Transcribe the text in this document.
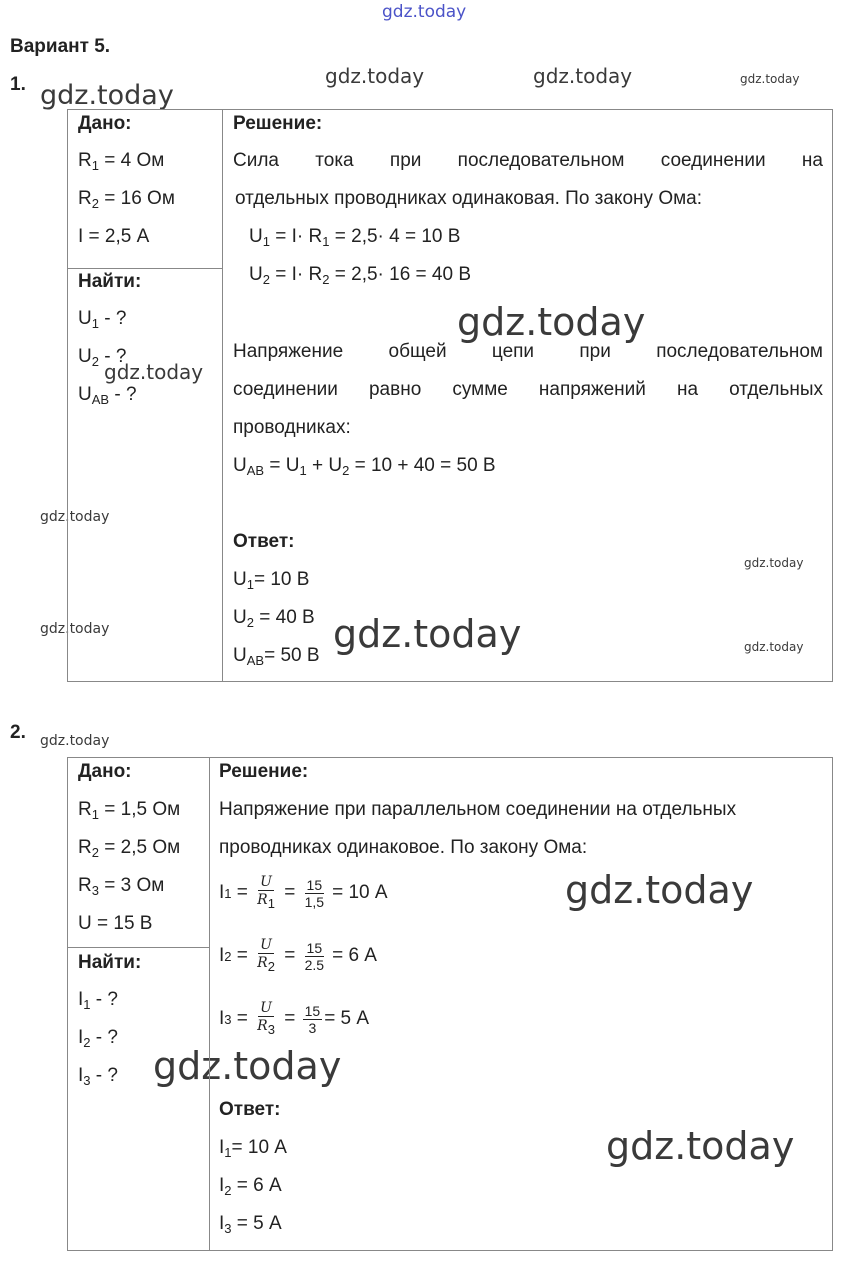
gdz.today
gdz.today	gdz.today	gdz.today
gdz.today
gdz.today
gdz.today
gdz.today
gdz.today
gdz.today
gdz.today
gdz.today
gdz.today
gdz.today
gdz.today
gdz.today
Вариант 5.
1.
Дано:
$R_1 = 4$ Ом
$R_2 = 16$ Ом
I = 2,5 А
Найти:
$U_1$ - ?
$U_2$ - ?
$U_{AB}$ - ?
Решение:
Сила тока при последовательном соединении на
отдельных проводниках одинаковая. По закону Ома:
$U_1 = I\cdot R_1 = 2,5\cdot 4 = 10$ В
$U_2 = I\cdot R_2 = 2,5\cdot 16 = 40$ В
Напряжение общей цепи при последовательном
соединении равно сумме напряжений на отдельных
проводниках:
$U_{AB} = U_1 + U_2 = 10 + 40 = 50$ В
Ответ:
$U_1= 10$ В
$U_2 = 40$ В
$U_{AB}= 50$ В
2.
Дано:
$R_1 = 1,5$ Ом
$R_2 = 2,5$ Ом
$R_3 = 3$ Ом
U = 15 В
Найти:
$I_1$ - ?
$I_2$ - ?
$I_3$ - ?
Решение:
Напряжение при параллельном соединении на отдельных
проводниках одинаковое. По закону Ома:
I $1 = \frac{U}{R_1} = \frac{15}{1,5} = 10$ А
I $2 = \frac{U}{R_2} = \frac{15}{2.5} = 6$ А
I $3 = \frac{U}{R_3} = \frac{15}{3} = 5$ А
Ответ:
$I_1= 10$ А
$I_2 = 6$ А
$I_3 = 5$ А
